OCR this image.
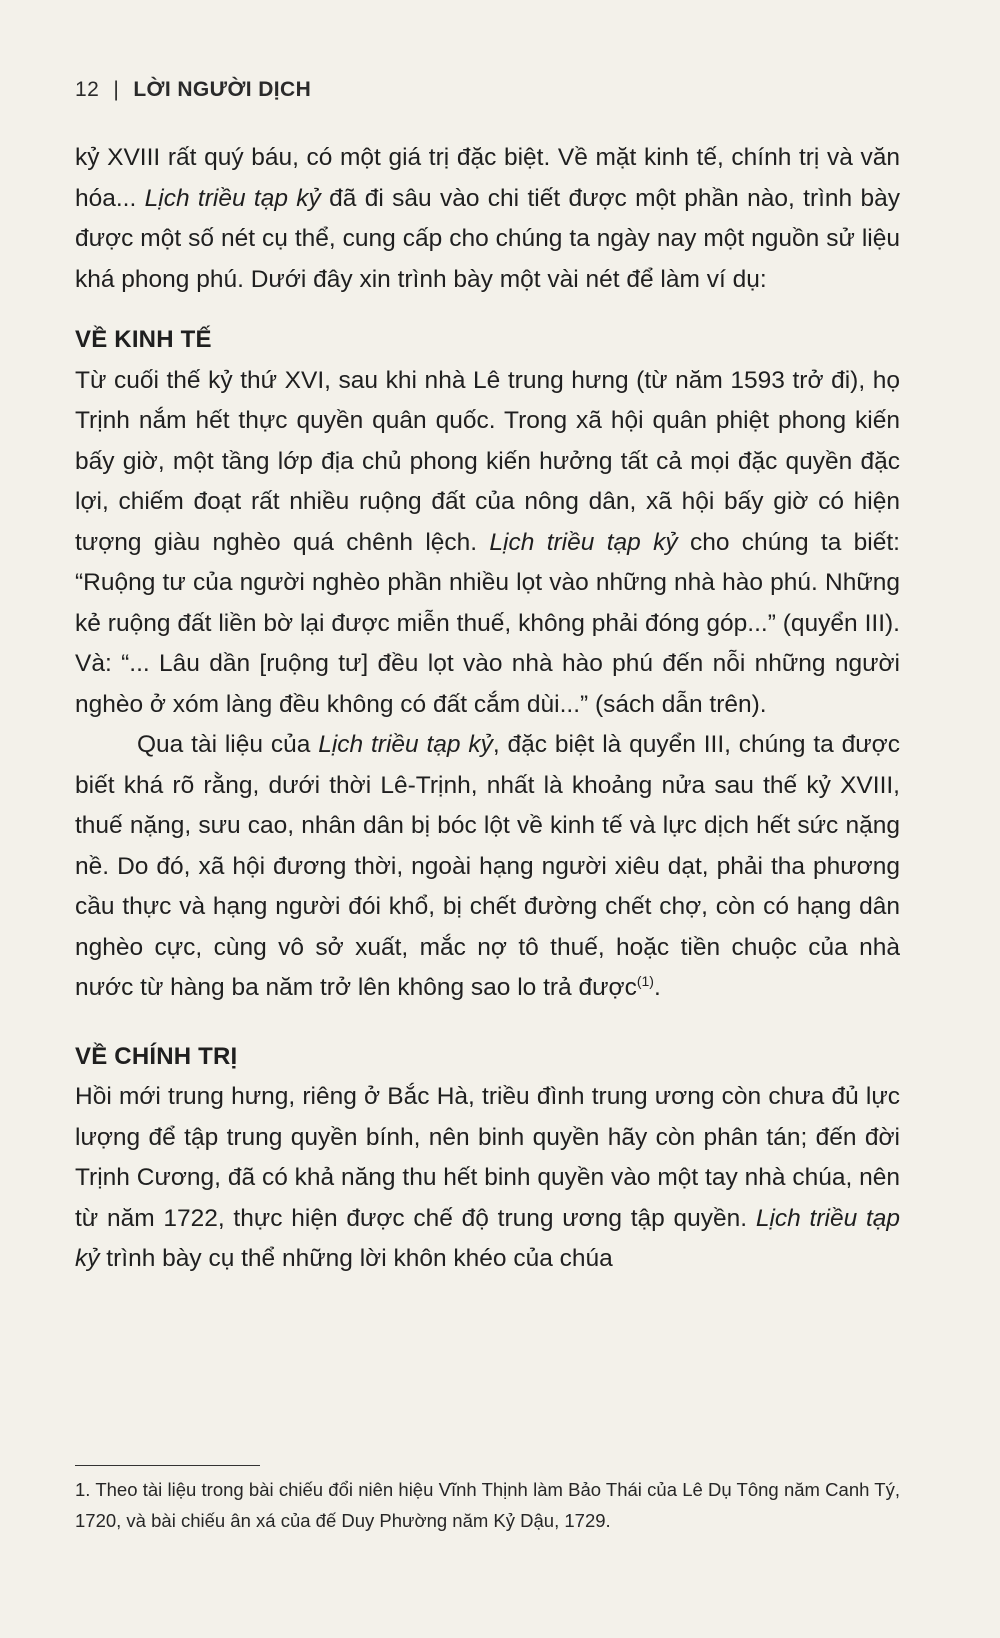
12 | LỜI NGƯỜI DỊCH

kỷ XVIII rất quý báu, có một giá trị đặc biệt. Về mặt kinh tế, chính trị và văn hóa... Lịch triều tạp kỷ đã đi sâu vào chi tiết được một phần nào, trình bày được một số nét cụ thể, cung cấp cho chúng ta ngày nay một nguồn sử liệu khá phong phú. Dưới đây xin trình bày một vài nét để làm ví dụ:

VỀ KINH TẾ

Từ cuối thế kỷ thứ XVI, sau khi nhà Lê trung hưng (từ năm 1593 trở đi), họ Trịnh nắm hết thực quyền quân quốc. Trong xã hội quân phiệt phong kiến bấy giờ, một tầng lớp địa chủ phong kiến hưởng tất cả mọi đặc quyền đặc lợi, chiếm đoạt rất nhiều ruộng đất của nông dân, xã hội bấy giờ có hiện tượng giàu nghèo quá chênh lệch. Lịch triều tạp kỷ cho chúng ta biết: “Ruộng tư của người nghèo phần nhiều lọt vào những nhà hào phú. Những kẻ ruộng đất liền bờ lại được miễn thuế, không phải đóng góp...” (quyển III). Và: “... Lâu dần [ruộng tư] đều lọt vào nhà hào phú đến nỗi những người nghèo ở xóm làng đều không có đất cắm dùi...” (sách dẫn trên).

Qua tài liệu của Lịch triều tạp kỷ, đặc biệt là quyển III, chúng ta được biết khá rõ rằng, dưới thời Lê-Trịnh, nhất là khoảng nửa sau thế kỷ XVIII, thuế nặng, sưu cao, nhân dân bị bóc lột về kinh tế và lực dịch hết sức nặng nề. Do đó, xã hội đương thời, ngoài hạng người xiêu dạt, phải tha phương cầu thực và hạng người đói khổ, bị chết đường chết chợ, còn có hạng dân nghèo cực, cùng vô sở xuất, mắc nợ tô thuế, hoặc tiền chuộc của nhà nước từ hàng ba năm trở lên không sao lo trả được$^{(1)}$.

VỀ CHÍNH TRỊ

Hồi mới trung hưng, riêng ở Bắc Hà, triều đình trung ương còn chưa đủ lực lượng để tập trung quyền bính, nên binh quyền hãy còn phân tán; đến đời Trịnh Cương, đã có khả năng thu hết binh quyền vào một tay nhà chúa, nên từ năm 1722, thực hiện được chế độ trung ương tập quyền. Lịch triều tạp kỷ trình bày cụ thể những lời khôn khéo của chúa

1. Theo tài liệu trong bài chiếu đổi niên hiệu Vĩnh Thịnh làm Bảo Thái của Lê Dụ Tông năm Canh Tý, 1720, và bài chiếu ân xá của đế Duy Phường năm Kỷ Dậu, 1729.
